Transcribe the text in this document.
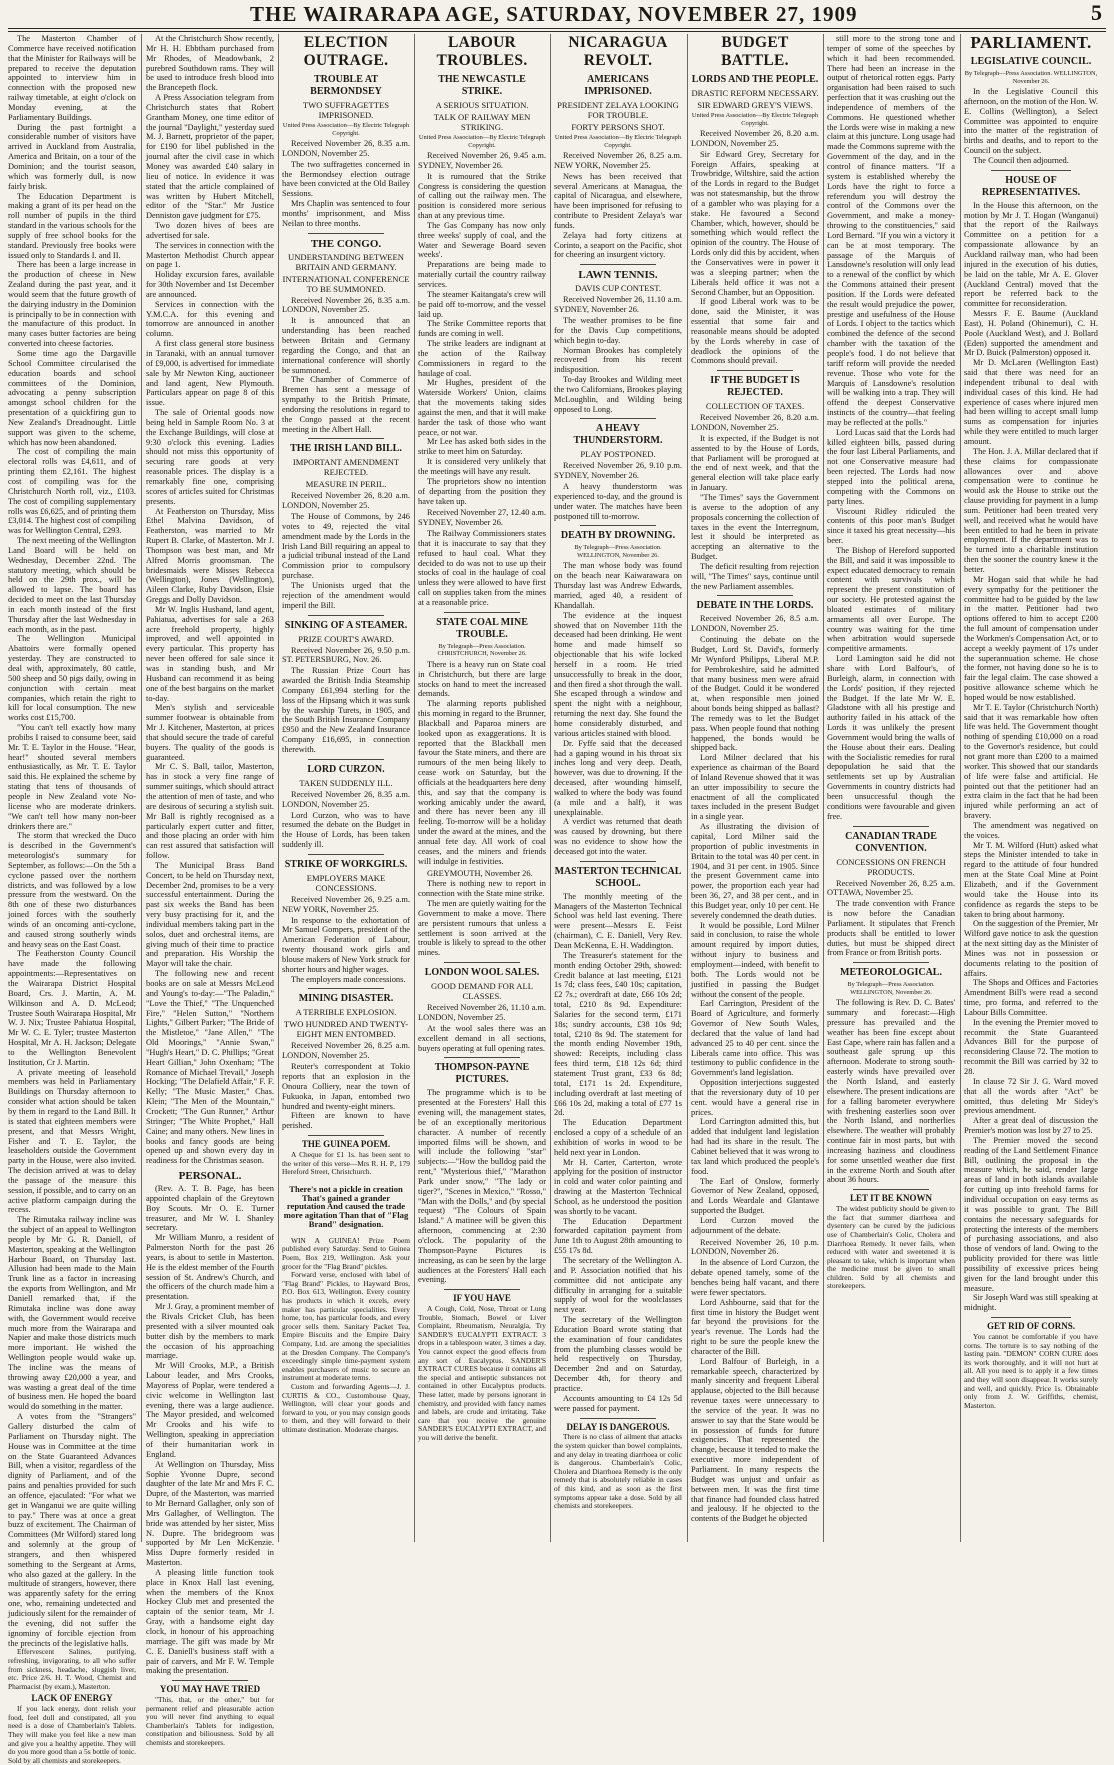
THE WAIRARAPA AGE, SATURDAY, NOVEMBER 27, 1909	5

The Masterton Chamber of Commerce have received notification that the Minister for Railways will be prepared to receive the deputation appointed to interview him in connection with the proposed new railway timetable, at eight o'clock on Monday evening, at the Parliamentary Buildings.

During the past fortnight a considerable number of visitors have arrived in Auckland from Australia, America and Britain, on a tour of the Dominion; and the tourist season, which was formerly dull, is now fairly brisk.

The Education Department is making a grant of its per head on the roll number of pupils in the third standard in the various schools for the supply of free school books for the standard. Previously free books were issued only to Standards I. and II.

There has been a large increase in the production of cheese in New Zealand during the past year, and it would seem that the future growth of the dairying industry in the Dominion is principally to be in connection with the manufacture of this product. In many cases butter factories are being converted into cheese factories.

Some time ago the Dargaville School Committee circularised the education boards and school committees of the Dominion, advocating a penny subscription amongst school children for the presentation of a quickfiring gun to New Zealand's Dreadnought. Little support was given to the scheme, which has now been abandoned.

The cost of compiling the main electoral rolls was £4,611, and of printing them £2,161. The highest cost of compiling was for the Christchurch North roll, viz., £103. The cost of compiling supplementary rolls was £6,625, and of printing them £3,014. The highest cost of compiling was for Wellington Central, £293.

The next meeting of the Wellington Land Board will be held on Wednesday, December 22nd. The statutory meeting, which should be held on the 29th prox., will be allowed to lapse. The board has decided to meet on the last Thursday in each month instead of the first Thursday after the last Wednesday in each month, as in the past.

The Wellington Municipal Abattoirs were formally opened yesterday. They are constructed to deal with, approximately, 80 cattle, 500 sheep and 50 pigs daily, owing in conjunction with certain meat companies, which retain the right to kill for local consumption. The new works cost £15,700.

"You can't tell exactly how many probibs I raised to consume beer, said Mr. T. E. Taylor in the House. "Hear, hear!" shouted several members enthusiastically, as Mr. T. E. Taylor said this. He explained the scheme by stating that tens of thousands of people in New Zealand vote No-license who are moderate drinkers. "We can't tell how many non-beer drinkers there are."

The storm that wrecked the Duco is described in the Government's meteorologist's summary for September, as follows:—On the 5th a cyclone passed over the northern districts, and was followed by a low pressure from the westward. On the 8th one of these two disturbances joined forces with the southerly winds of an oncoming anti-cyclone, and caused strong southerly winds and heavy seas on the East Coast.

The Featherston County Council have made the following appointments:—Representatives on the Wairarapa District Hospital Board, Crs. J. Martin, A. M. Wilkinson and A. D. McLeod; Trustee South Wairarapa Hospital, Mr W. J. Nix; Trustee Pahiatua Hospital, Mr W. C. E. Tyler; trustee Masterton Hospital, Mr A. H. Jackson; Delegate to the Wellington Benevolent Institution, Cr J. Martin.

A private meeting of leasehold members was held in Parliamentary Buildings on Thursday afternoon to consider what action should be taken by them in regard to the Land Bill. It is stated that eighteen members were present, and that Messrs Wright, Fisher and T. E. Taylor, the leaseholders outside the Government party in the House, were also invited. The decision arrived at was to delay the passage of the measure this session, if possible, and to carry on an active platform campaign during the recess.

The Rimutaka railway incline was the subject of an appeal to Wellington people by Mr G. R. Daniell, of Masterton, speaking at the Wellington Harbour Board, on Thursday last. Allusion had been made to the Main Trunk line as a factor in increasing the exports from Wellington, and Mr Daniell remarked that, if the Rimutaka incline was done away with, the Government would receive much more from the Wairarapa and Napier and make those districts much more important. He wished the Wellington people would wake up. The incline was the means of throwing away £20,000 a year, and was wasting a great deal of the time of business men. He hoped the board would do something in the matter.

A votes from the "Strangers" Gallery disturbed the calm of Parliament on Thursday night. The House was in Committee at the time on the State Guaranteed Advances Bill, when a visitor, regardless of the dignity of Parliament, and of the pains and penalties provided for such an offence, ejaculated: "For what we get in Wanganui we are quite willing to pay." There was at once a great buzz of excitement. The Chairman of Committees (Mr Wilford) stared long and solemnly at the group of strangers, and then whispered something to the Sergeant at Arms, who also gazed at the gallery. In the multitude of strangers, however, there was apparently safety for the erring one, who, remaining undetected and judiciously silent for the remainder of the evening, did not suffer the ignominy of forcible ejection from the precincts of the legislative halls.

Effervescent Salines, purifying, refreshing, invigorating, to all who suffer from sickness, headache, sluggish liver, etc. Price 2/6. H. T. Wood, Chemist and Pharmacist (by exam.), Masterton.

LACK OF ENERGY

If you lack energy, dont relish your food, feel dull and constipated, all you need is a dose of Chamberlain's Tablets. They will make you feel like a new man and give you a healthy appetite. They will do you more good than a 5s bottle of tonic. Sold by all chemists and storekeepers.

At the Christchurch Show recently, Mr H. H. Ebbtham purchased from Mr Rhodes, of Meadowbank, 2 purebred Southdown rams. They will be used to introduce fresh blood into the Brancepeth flock.

A Press Association telegram from Christchurch states that Robert Grantham Money, one time editor of the journal "Daylight," yesterday sued M. J. Barnett, proprietor of the paper, for £190 for libel published in the journal after the civil case in which Money was awarded £40 salary in lieu of notice. In evidence it was stated that the article complained of was written by Hubert Mitchell, editor of the "Star." Mr Justice Denniston gave judgment for £75.

Two dozen hives of bees are advertised for sale.

The services in connection with the Masterton Methodist Church appear on page 1.

Holiday excursion fares, available for 30th November and 1st December are announced.

Services in connection with the Y.M.C.A. for this evening and tomorrow are announced in another column.

A first class general store business in Taranaki, with an annual turnover of £9,000, is advertised for immediate sale by Mr Newton King, auctioneer and land agent, New Plymouth. Particulars appear on page 8 of this issue.

The sale of Oriental goods now being held in Sample Room No. 3 at the Exchange Buildings, will close at 9:30 o'clock this evening. Ladies should not miss this opportunity of securing rare goods at very reasonable prices. The display is a remarkably fine one, comprising scores of articles suited for Christmas presents.

At Featherston on Thursday, Miss Ethel Malvina Davidson, of Featherston, was married to Mr Rupert B. Clarke, of Masterton. Mr J. Thompson was best man, and Mr Alfred Morris groomsman. The bridesmaids were Misses Rebecca (Wellington), Jones (Wellington), Aileen Clarke, Ruby Davidson, Elsie Greggs and Dolly Davidson.

Mr W. Inglis Husband, land agent, Pahiatua, advertises for sale a 263 acre freehold property, highly improved, and well appointed in every particular. This property has never been offered for sale since it was in standing bush, and Mr Husband can recommend it as being one of the best bargains on the market to-day.

Men's stylish and serviceable summer footwear is obtainable from Mr J. Kitchener, Masterton, at prices that should secure the trade of careful buyers. The quality of the goods is guaranteed.

Mr C. S. Ball, tailor, Masterton, has in stock a very fine range of summer suitings, which should attract the attention of men of taste, and who are desirous of securing a stylish suit. Mr Ball is rightly recognised as a particularly expert cutter and fitter, and those placing an order with him can rest assured that satisfaction will follow.

The Municipal Brass Band Concert, to be held on Thursday next, December 2nd, promises to be a very successful entertainment. During the past six weeks the Band has been very busy practising for it, and the individual members taking part in the solos, duet and orchestral items, are giving much of their time to practice and preparation. His Worship the Mayor will take the chair.

The following new and recent books are on sale at Messrs McLeod and Young's to-day:—"The Paladin," "Love the Thief," "The Unquenched Fire," "Helen Sutton," "Northern Lights," Gilbert Parker; "The Bride of the Mistletoe," "Jane Allen," "The Old Moorings," "Annie Swan," "Hugh's Heart," D. C. Phillips; "Great Heart Gillian," John Oxenham; "The Romance of Michael Trevail," Joseph Hocking; "The Delafield Affair," F. F. Kelly; "The Music Master," Chas. Klein; "The Men of the Mountain," Crockett; "The Gun Runner," Arthur Stringer; "The White Prophet," Hall Caine; and many others. New lines in books and fancy goods are being opened up and shown every day in readiness for the Christmas season.

PERSONAL.

(Rev. A. T. B. Page, has been appointed chaplain of the Greytown Boy Scouts. Mr O. E. Turner treasurer, and Mr W. I. Shanley secretary.

Mr William Munro, a resident of Palmerston North for the past 26 years, is about to settle in Masterton. He is the eldest member of the Fourth session of St. Andrew's Church, and the officers of the church made him a presentation.

Mr J. Gray, a prominent member of the Rivals Cricket Club, has been presented with a silver mounted oak butter dish by the members to mark the occasion of his approaching marriage.

Mr Will Crooks, M.P., a British Labour leader, and Mrs Crooks, Mayoress of Poplar, were tendered a civic welcome in Wellington last evening, there was a large audience. The Mayor presided, and welcomed Mr Crooks and his wife to Wellington, speaking in appreciation of their humanitarian work in England.

At Wellington on Thursday, Miss Sophie Yvonne Dupre, second daughter of the late Mr and Mrs F. C. Dupre, of the Masterton, was married to Mr Bernard Gallagher, only son of Mrs Gallagher, of Wellington. The bride was attended by her sister, Miss N. Dupre. The bridegroom was supported by Mr Len McKenzie. Miss Dupre formerly resided in Masterton.

A pleasing little function took place in Knox Hall last evening, when the members of the Knox Hockey Club met and presented the captain of the senior team, Mr J. Gray, with a handsome eight day clock, in honour of his approaching marriage. The gift was made by Mr C. E. Daniell's business staff with a pair of carvers, and Mr F. W. Temple making the presentation.

YOU MAY HAVE TRIED

"This, that, or the other," but for permanent relief and pleasurable action you will never find anything to equal Chamberlain's Tablets for indigestion, constipation and biliousness. Sold by all chemists and storekeepers.

ELECTION OUTRAGE.
TROUBLE AT BERMONDSEY
TWO SUFFRAGETTES IMPRISONED.
United Press Association—By Electric Telegraph Copyright.

Received November 26, 8.35 a.m. LONDON, November 25.

The two suffragettes concerned in the Bermondsey election outrage have been convicted at the Old Bailey Sessions.

Mrs Chaplin was sentenced to four months' imprisonment, and Miss Neilan to three months.

THE CONGO.
UNDERSTANDING BETWEEN BRITAIN AND GERMANY.
INTERNATIONAL CONFERENCE TO BE SUMMONED.

Received November 26, 8.35 a.m. LONDON, November 25.

It is announced that an understanding has been reached between Britain and Germany regarding the Congo, and that an international conference will shortly be summoned.

The Chamber of Commerce of Bremen has sent a message of sympathy to the British Primate, endorsing the resolutions in regard to the Congo passed at the recent meeting in the Albert Hall.

THE IRISH LAND BILL.
IMPORTANT AMENDMENT REJECTED.
MEASURE IN PERIL.

Received November 26, 8.20 a.m. LONDON, November 25.

The House of Commons, by 246 votes to 49, rejected the vital amendment made by the Lords in the Irish Land Bill requiring an appeal to a judicial tribunal instead of the Land Commission prior to compulsory purchase.

The Unionists urged that the rejection of the amendment would imperil the Bill.

SINKING OF A STEAMER.
PRIZE COURT'S AWARD.

Received November 26, 9.50 p.m. ST. PETERSBURG, Nov. 26.

The Russian Prize Court has awarded the British India Steamship Company £61,994 sterling for the loss of the Hipsang which it was sunk by the warship Turets, in 1905, and the South British Insurance Company £950 and the New Zealand Insurance Company £16,695, in connection therewith.

LORD CURZON.
TAKEN SUDDENLY ILL.

Received November 26, 8.35 a.m. LONDON, November 25.

Lord Curzon, who was to have resumed the debate on the Budget in the House of Lords, has been taken suddenly ill.

STRIKE OF WORKGIRLS.
EMPLOYERS MAKE CONCESSIONS.

Received November 26, 9.25 a.m. NEW YORK, November 25.

In response to the exhortation of Mr Samuel Gompers, president of the American Federation of Labour, twenty thousand work girls and blouse makers of New York struck for shorter hours and higher wages.

The employers made concessions.

MINING DISASTER.
A TERRIBLE EXPLOSION.
TWO HUNDRED AND TWENTY-EIGHT MEN ENTOMBED.

Received November 26, 8.25 a.m. LONDON, November 25.

Reuter's correspondent at Tokio reports that an explosion in the Onoura Colliery, near the town of Fukuoka, in Japan, entombed two hundred and twenty-eight miners.

Fifteen are known to have perished.

THE GUINEA POEM.

A Cheque for £1 1s. has been sent to the writer of this verse—Mrs R. H. P., 179 Hereford Street, Christchurch.

There's not a pickle in creation That's gained a grander reputation And caused the trade more agitation Than that of "Flag Brand" designation.

WIN A GUINEA! Prize Poem published every Saturday. Send to Guinea Poem, Box 219, Wellington. Ask your grocer for the "Flag Brand" pickles.

Forward verse, enclosed with label of "Flag Brand" Pickles, to Hayward Bros, P.O. Box 613, Wellington. Every country has products in which it excels, every maker has particular specialities. Every home, too, has particular foods, and every grocer sells them. Sanitary Packet Tea, Empire Biscuits and the Empire Dairy Company, Ltd. are among the specialities at the Dresden Company. The Company's exceedingly simple time-payment system enables purchasers of music to secure an instrument at moderate terms.

Custom and forwarding Agents—J. J. CURTIS & CO., Customhouse Quay, Wellington, will clear your goods and forward to you, or you may consign goods to them, and they will forward to their ultimate destination. Moderate charges.

LABOUR TROUBLES.
THE NEWCASTLE STRIKE.
A SERIOUS SITUATION.
TALK OF RAILWAY MEN STRIKING.
United Press Association—By Electric Telegraph Copyright.

Received November 26, 9.45 a.m. SYDNEY, November 26.

It is rumoured that the Strike Congress is considering the question of calling out the railway men. The position is considered more serious than at any previous time.

The Gas Company has now only three weeks' supply of coal, and the Water and Sewerage Board seven weeks'.

Preparations are being made to materially curtail the country railway services.

The steamer Kaitangata's crew will be paid off to-morrow, and the vessel laid up.

The Strike Committee reports that funds are coming in well.

The strike leaders are indignant at the action of the Railway Commissioners in regard to the haulage of coal.

Mr Hughes, president of the Waterside Workers' Union, claims that the movements taking sides against the men, and that it will make harder the task of those who want peace, or not war.

Mr Lee has asked both sides in the strike to meet him on Saturday.

It is considered very unlikely that the meetings will have any result.

The proprietors show no intention of departing from the position they have taken up.

Received November 27, 12.40 a.m. SYDNEY, November 26.

The Railway Commissioners states that it is inaccurate to say that they refused to haul coal. What they decided to do was not to use up their stocks of coal in the haulage of coal unless they were allowed to have first call on supplies taken from the mines at a reasonable price.

STATE COAL MINE TROUBLE.
By Telegraph—Press Association. CHRISTCHURCH, November 26.

There is a heavy run on State coal in Christchurch, but there are large stocks on hand to meet the increased demands.

The alarming reports published this morning in regard to the Brunner, Blackball and Paparoa miners are looked upon as exaggerations. It is reported that the Blackball men favour the State miners, and there are rumours of the men being likely to cease work on Saturday, but the officials at the headquarters here deny this, and say that the company is working amicably under the award, and there has never been any ill feeling. To-morrow will be a holiday under the award at the mines, and the annual fete day. All work of coal ceases, and the miners and friends will indulge in festivities.

GREYMOUTH, November 26.

There is nothing new to report in connection with the State mine strike.

The men are quietly waiting for the Government to make a move. There are persistent rumours that unless a settlement is soon arrived at the trouble is likely to spread to the other mines.

LONDON WOOL SALES.
GOOD DEMAND FOR ALL CLASSES.

Received November 26, 11.10 a.m. LONDON, November 25.

At the wool sales there was an excellent demand in all sections, buyers operating at full opening rates.

THOMPSON-PAYNE PICTURES.

The programme which is to be presented at the Foresters' Hall this evening will, the management states, be of an exceptionally meritorious character. A number of recently imported films will be shown, and will include the following "star" subjects:—"How the bulldog paid the rent," "Mysterious thief," "Marathon Park under snow," "The lady or tiger?", "Scenes in Mexico," "Rosso," "Man with the Dolls," and (by special request) "The Colours of Spain Island." A matinee will be given this afternoon, commencing at 2:30 o'clock. The popularity of the Thompson-Payne Pictures is increasing, as can be seen by the large audiences at the Foresters' Hall each evening.

IF YOU HAVE

A Cough, Cold, Nose, Throat or Lung Trouble, Stomach, Bowel or Liver Complaint, Rheumatism, Neuralgia, Try SANDER'S EUCALYPTI EXTRACT. 3 drops in a tablespoon water, 3 times a day. You cannot expect the good effects from any sort of Eucalyptus. SANDER'S EXTRACT CURES because it contains all the special and antiseptic substances not contained in other Eucalyptus products. These latter, made by persons ignorant in chemistry, and provided with fancy names and labels, are crude and irritating. Take care that you receive the genuine SANDER'S EUCALYPTI EXTRACT, and you will derive the benefit.

NICARAGUA REVOLT.
AMERICANS IMPRISONED.
PRESIDENT ZELAYA LOOKING FOR TROUBLE.
FORTY PERSONS SHOT.
United Press Association—By Electric Telegraph Copyright.

Received November 26, 8.25 a.m. NEW YORK, November 25.

News has been received that several Americans at Managua, the capital of Nicaragua, and elsewhere, have been imprisoned for refusing to contribute to President Zelaya's war funds.

Zelaya had forty citizens at Corinto, a seaport on the Pacific, shot for cheering an insurgent victory.

LAWN TENNIS.
DAVIS CUP CONTEST.

Received November 26, 11.10 a.m. SYDNEY, November 26.

The weather promises to be fine for the Davis Cup competitions, which begin to-day.

Norman Brookes has completely recovered from his recent indisposition.

To-day Brookes and Wilding meet the two Californians, Brookes playing McLoughlin, and Wilding being opposed to Long.

A HEAVY THUNDERSTORM.
PLAY POSTPONED.

Received November 26, 9.10 p.m. SYDNEY, November 26.

A heavy thunderstorm was experienced to-day, and the ground is under water. The matches have been postponed till to-morrow.

DEATH BY DROWNING.
By Telegraph—Press Association. WELLINGTON, November 26.

The man whose body was found on the beach near Kaiwarawara on Thursday last was Andrew Edwards, married, aged 40, a resident of Khandallah.

The evidence at the inquest showed that on November 11th the deceased had been drinking. He went home and made himself so objectionable that his wife locked herself in a room. He tried unsuccessfully to break in the door, and then fired a shot through the wall. She escaped through a window and spent the night with a neighbour, returning the next day. She found the home considerably disturbed, and various articles stained with blood.

Dr. Fyffe said that the deceased had a gaping wound in his throat six inches long and very deep. Death, however, was due to drowning. If the deceased, after wounding himself, walked to where the body was found (a mile and a half), it was unexplainable.

A verdict was returned that death was caused by drowning, but there was no evidence to show how the deceased got into the water.

MASTERTON TECHNICAL SCHOOL.

The monthly meeting of the Managers of the Masterton Technical School was held last evening. There were present—Messrs E. Feist (chairman), C. E. Daniell, Very Rev. Dean McKenna, E. H. Waddington.

The Treasurer's statement for the month ending October 29th, showed: Credit balance at last meeting, £121 1s 7d; class fees, £40 10s; capitation, £2 7s.; overdraft at date, £66 10s 2d; total, £210 8s 9d. Expenditure: Salaries for the second term, £171 18s; sundry accounts, £38 10s 9d; total, £210 8s 9d. The statement for the month ending November 19th, showed: Receipts, including class fees third term, £18 12s 6d; third statement Trust grant, £33 6s 8d; total, £171 1s 2d. Expenditure, including overdraft at last meeting of £66 10s 2d, making a total of £77 1s 2d.

The Education Department enclosed a copy of a schedule of an exhibition of works in wood to be held next year in London.

Mr H. Carter, Carterton, wrote applying for the position of instructor in cold and water color painting and drawing at the Masterton Technical School, as he understood the position was shortly to be vacant.

The Education Department forwarded capitation payment from June 1th to August 28th amounting to £55 17s 8d.

The secretary of the Wellington A. and P. Association notified that his committee did not anticipate any difficulty in arranging for a suitable supply of wool for the woolclasses next year.

The secretary of the Wellington Education Board wrote stating that the examination of four candidates from the plumbing classes would be held respectively on Thursday, December 2nd and on Saturday, December 4th, for theory and practice.

Accounts amounting to £4 12s 5d were passed for payment.

DELAY IS DANGEROUS.

There is no class of ailment that attacks the system quicker than bowel complaints, and any delay in treating diarrhoea or colic is dangerous. Chamberlain's Colic, Cholera and Diarrhoea Remedy is the only remedy that is absolutely reliable in cases of this kind, and as soon as the first symptoms appear take a dose. Sold by all chemists and storekeepers.

BUDGET BATTLE.
LORDS AND THE PEOPLE.
DRASTIC REFORM NECESSARY.
SIR EDWARD GREY'S VIEWS.
United Press Association—By Electric Telegraph Copyright.

Received November 26, 8.20 a.m. LONDON, November 25.

Sir Edward Grey, Secretary for Foreign Affairs, speaking at Trowbridge, Wiltshire, said the action of the Lords in regard to the Budget was not statesmanship, but the throw of a gambler who was playing for a stake. He favoured a Second Chamber, which, however, should be something which would reflect the opinion of the country. The House of Lords only did this by accident, when the Conservatives were in power it was a sleeping partner; when the Liberals held office it was not a Second Chamber, but an Opposition.

If good Liberal work was to be done, said the Minister, it was essential that some fair and reasonable means should be adopted by the Lords whereby in case of deadlock the opinions of the Commons should prevail.

IF THE BUDGET IS REJECTED.
COLLECTION OF TAXES.

Received November 26, 8.20 a.m. LONDON, November 25.

It is expected, if the Budget is not assented to by the House of Lords, that Parliament will be prorogued at the end of next week, and that the general election will take place early in January.

"The Times" says the Government is averse to the adoption of any proposals concerning the collection of taxes in the event the Interregnum, lest it should be interpreted as accepting an alternative to the Budget.

The deficit resulting from rejection will, "The Times" says, continue until the new Parliament assembles.

DEBATE IN THE LORDS.

Received November 26, 8.5 a.m. LONDON, November 25.

Continuing the debate on the Budget, Lord St. David's, formerly Mr Wynford Philipps, Liberal M.P. for Pembrokeshire, said he admitted that many business men were afraid of the Budget. Could it be wondered at, when responsible men joined about bonds being shipped as ballast? The remedy was to let the Budget pass. When people found that nothing happened, the bonds would be shipped back.

Lord Milner declared that his experience as chairman of the Board of Inland Revenue showed that it was an utter impossibility to secure the enactment of all the complicated taxes included in the present Budget in a single year.

As illustrating the division of capital, Lord Milner said the proportion of public investments in Britain to the total was 40 per cent. in 1904, and 31 per cent. in 1905. Since the present Government came into power, the proportion each year had been 36, 27, and 38 per cent., and in this Budget year, only 10 per cent. He severely condemned the death duties.

It would be possible, Lord Milner said in conclusion, to raise the whole amount required by import duties, without injury to business and employment—indeed, with benefit to both. The Lords would not be justified in passing the Budget without the consent of the people.

Earl Carrington, President of the Board of Agriculture, and formerly Governor of New South Wales, declared that the value of land had advanced 25 to 40 per cent. since the Liberals came into office. This was testimony to public confidence in the Government's land legislation.

Opposition interjections suggested that the reversionary duty of 10 per cent. would have a general rise in prices.

Lord Carrington admitted this, but added that indulgent land legislation had had its share in the result. The Cabinet believed that it was wrong to tax land which produced the people's food.

The Earl of Onslow, formerly Governor of New Zealand, opposed, and Lords Weardale and Glantawe supported the Budget.

Lord Curzon moved the adjournment of the debate.

Received November 26, 10 p.m. LONDON, November 26.

In the absence of Lord Curzon, the debate opened tamely, some of the benches being half vacant, and there were fewer spectators.

Lord Ashbourne, said that for the first time in history the Budget went far beyond the provisions for the year's revenue. The Lords had the right to be sure the people knew the character of the Bill.

Lord Balfour of Burleigh, in a remarkable speech, characterized by manly sincerity and frequent Liberal applause, objected to the Bill because revenue taxes were unnecessary to the service of the year. It was no answer to say that the State would be in possession of funds for future exigencies. That represented the change, because it tended to make the executive more independent of Parliament. In many respects the Budget was unjust and unfair as between men. It was the first time that finance had founded class hatred and jealousy. If he objected to the contents of the Budget he objected

still more to the strong tone and temper of some of the speeches by which it had been recommended. There had been an increase in the output of rhetorical rotten eggs. Party organisation had been raised to such perfection that it was crushing out the independence of members of the Commons. He questioned whether the Lords were wise in making a new claim at this juncture. Long usage had made the Commons supreme with the Government of the day, and in the control of finance matters. "If a system is established whereby the Lords have the right to force a referendum you will destroy the control of the Commons over the Government, and make a money-throwing to the constituencies," said Lord Bernard. "If you win a victory it can be at most temporary. The passage of the Marquis of Lansdowne's resolution will only lead to a renewal of the conflict by which the Commons attained their present position. If the Lords were defeated the result would prejudice the power, prestige and usefulness of the House of Lords. I object to the tactics which combined the defence of the second chamber with the taxation of the people's food. I do not believe that tariff reform will provide the needed revenue. Those who vote for the Marquis of Lansdowne's resolution will be walking into a trap. They will offend the deepest Conservative instincts of the country—that feeling may be reflected at the polls."

Lord Lucas said that the Lords had killed eighteen bills, passed during the four last Liberal Parliaments, and not one Conservative measure had been rejected. The Lords had now stepped into the political arena, competing with the Commons on party lines.

Viscount Ridley ridiculed the contents of this poor man's Budget since it taxed his great necessity—his beer.

The Bishop of Hereford supported the Bill, and said it was impossible to expect educated democracy to remain content with survivals which represent the present constitution of our society. He protested against the bloated estimates of military armaments all over Europe. The country was waiting for the time when arbitration would supersede competitive armaments.

Lord Lamington said he did not share with Lord Balfour's, of Burleigh, alarm, in connection with the Lords' position, if they rejected the Budget. If the late Mr W. E. Gladstone with all his prestige and authority failed in his attack of the Lords it was unlikely the present Government would bring the walls of the House about their ears. Dealing with the Socialistic remedies for rural depopulation he said that the settlements set up by Australian Governments in country districts had been unsuccessful though the conditions were favourable and given free.

CANADIAN TRADE CONVENTION.
CONCESSIONS ON FRENCH PRODUCTS.

Received November 26, 8.25 a.m. OTTAWA, November 25.

The trade convention with France is now before the Canadian Parliament. It stipulates that French products shall be entitled to lower duties, but must be shipped direct from France or from British ports.

METEOROLOGICAL.
By Telegraph—Press Association. WELLINGTON, November 26.

The following is Rev. D. C. Bates' summary and forecast:—High pressure has prevailed and the weather has been fine except about East Cape, where rain has fallen and a southeast gale sprung up this afternoon. Moderate to strong south-easterly winds have prevailed over the North Island, and easterly elsewhere. The present indications are for a falling barometer everywhere with freshening easterlies soon over the North Island, and northerlies elsewhere. The weather will probably continue fair in most parts, but with increasing haziness and cloudiness for some unsettled weather due first in the extreme North and South after about 36 hours.

LET IT BE KNOWN

The widest publicity should be given to the fact that summer diarrhoea and dysentery can be cured by the judicious use of Chamberlain's Colic, Cholera and Diarrhoea Remedy. It never fails, when reduced with water and sweetened it is pleasant to take, which is important when the medicine must be given to small children. Sold by all chemists and storekeepers.

PARLIAMENT.
LEGISLATIVE COUNCIL.
By Telegraph—Press Association. WELLINGTON, November 26.

In the Legislative Council this afternoon, on the motion of the Hon. W. E. Collins (Wellington), a Select Committee was appointed to enquire into the matter of the registration of births and deaths, and to report to the Council on the subject.

The Council then adjourned.

HOUSE OF REPRESENTATIVES.

In the House this afternoon, on the motion by Mr J. T. Hogan (Wanganui) that the report of the Railways Committee on a petition for a compassionate allowance by an Auckland railway man, who had been injured in the execution of his duties, be laid on the table, Mr A. E. Glover (Auckland Central) moved that the report be referred back to the committee for reconsideration.

Messrs F. E. Baume (Auckland East), H. Poland (Ohinemuri), C. H. Poole (Auckland West), and J. Bollard (Eden) supported the amendment and Mr D. Buick (Palmerston) opposed it.

Mr D. McLaren (Wellington East) said that there was need for an independent tribunal to deal with individual cases of this kind. He had experience of cases where injured men had been willing to accept small lump sums as compensation for injuries while they were entitled to much larger amount.

The Hon. J. A. Millar declared that if these claims for compassionate allowances over and above compensation were to continue he would ask the House to strike out the clause providing for payment in a lump sum. Petitioner had been treated very well, and received what he would have been entitled to had he been in private employment. If the department was to be turned into a charitable institution then the sooner the country knew it the better.

Mr Hogan said that while he had every sympathy for the petitioner the committee had to be guided by the law in the matter. Petitioner had two options offered to him to accept £200 the full amount of compensation under the Workmen's Compensation Act, or to accept a weekly payment of 17s under the superannuation scheme. He chose the former, not having done so he is to fair the legal claim. The case showed a positive allowance scheme which he hoped would be now established.

Mr T. E. Taylor (Christchurch North) said that it was remarkable how often life was held. The Government thought nothing of spending £10,000 on a road to the Governor's residence, but could not grant more than £200 to a maimed worker. This showed that our standards of life were false and artificial. He pointed out that the petitioner had an extra claim in the fact that he had been injured while performing an act of bravery.

The amendment was negatived on the voices.

Mr T. M. Wilford (Hutt) asked what steps the Minister intended to take in regard to the attitude of four hundred men at the State Coal Mine at Point Elizabeth, and if the Government would take the House into its confidence as regards the steps to be taken to bring about harmony.

On the suggestion of the Premier, Mr Wilford gave notice to ask the question at the next sitting day as the Minister of Mines was not in possession or documents relating to the position of affairs.

The Shops and Offices and Factories Amendment Bill's were read a second time, pro forma, and referred to the Labour Bills Committee.

In the evening the Premier moved to recommit the State Guaranteed Advances Bill for the purpose of reconsidering Clause 72. The motion to recommit the Bill was carried by 32 to 28.

In clause 72 Sir J. G. Ward moved that all the words after "Act" be omitted, thus deleting Mr Sidey's previous amendment.

After a great deal of discussion the Premier's motion was lost by 27 to 25.

The Premier moved the second reading of the Land Settlement Finance Bill, outlining the proposal in the measure which, he said, render large areas of land in both islands available for cutting up into freehold farms for individual occupation on easy terms as it was possible to grant. The Bill contains the necessary safeguards for protecting the interests of the members of purchasing associations, and also those of vendors of land. Owing to the publicity provided for there was little possibility of excessive prices being given for the land brought under this measure.

Sir Joseph Ward was still speaking at midnight.

GET RID OF CORNS.

You cannot be comfortable if you have corns. The torture is to say nothing of the lasting pain. "DEMON" CORN CURE does its work thoroughly, and it will not hurt at all. All you need is to apply it a few times and they will soon disappear. It works surely and well, and quickly. Price 1s. Obtainable only from J. W. Griffiths, chemist, Masterton.
